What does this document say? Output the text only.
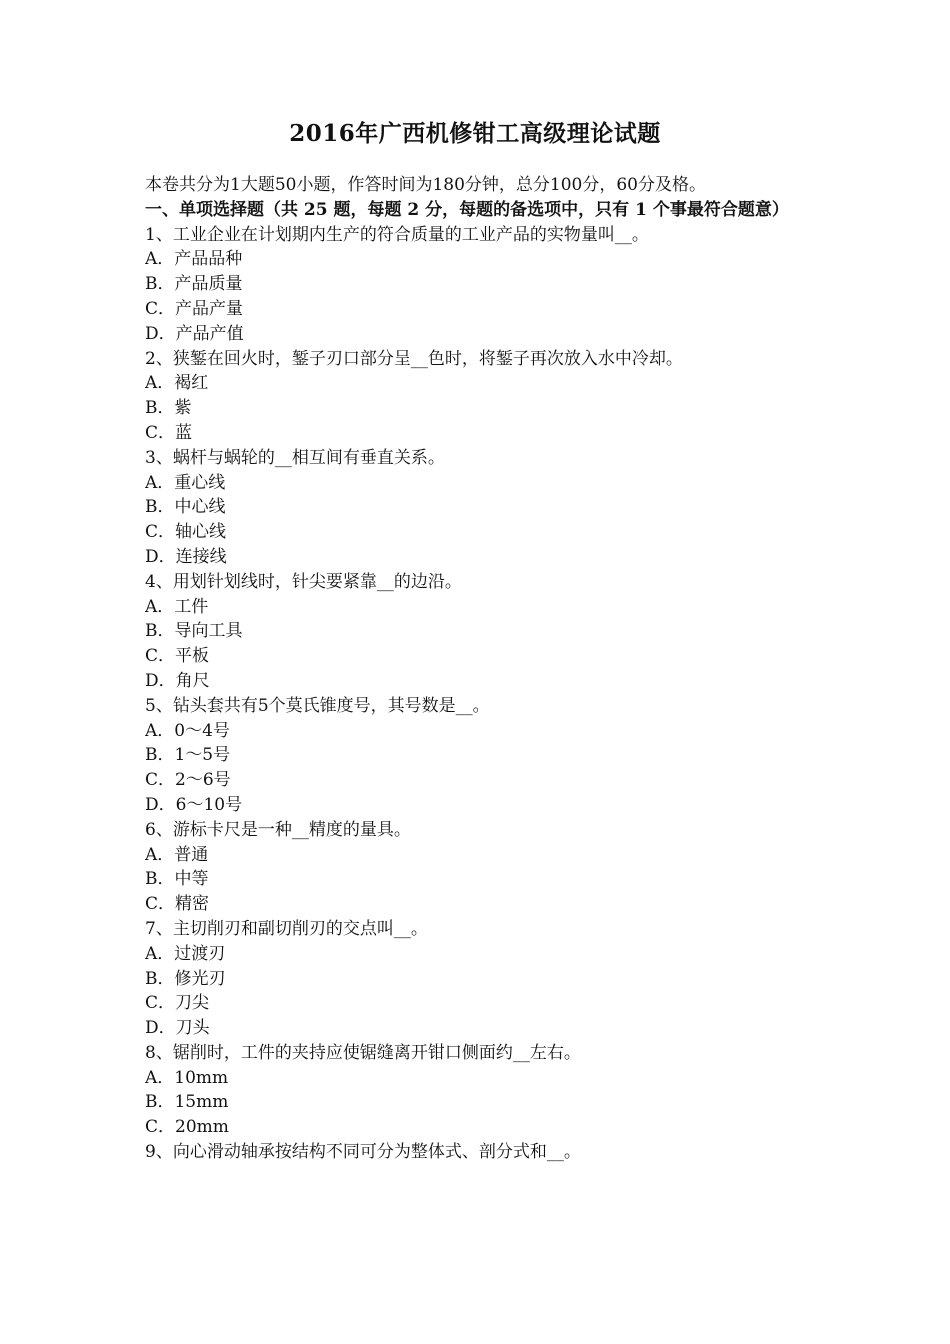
2016年广西机修钳工高级理论试题
本卷共分为1大题50小题，作答时间为180分钟，总分100分，60分及格。
一、单项选择题（共 25 题，每题 2 分，每题的备选项中，只有 1 个事最符合题意）
1、工业企业在计划期内生产的符合质量的工业产品的实物量叫__。
A．产品品种
B．产品质量
C．产品产量
D．产品产值
2、狭錾在回火时，錾子刃口部分呈__色时，将錾子再次放入水中冷却。
A．褐红
B．紫
C．蓝
3、蜗杆与蜗轮的__相互间有垂直关系。
A．重心线
B．中心线
C．轴心线
D．连接线
4、用划针划线时，针尖要紧靠__的边沿。
A．工件
B．导向工具
C．平板
D．角尺
5、钻头套共有5个莫氏锥度号，其号数是__。
A．0～4号
B．1～5号
C．2～6号
D．6～10号
6、游标卡尺是一种__精度的量具。
A．普通
B．中等
C．精密
7、主切削刃和副切削刃的交点叫__。
A．过渡刃
B．修光刃
C．刀尖
D．刀头
8、锯削时，工件的夹持应使锯缝离开钳口侧面约__左右。
A．10mm
B．15mm
C．20mm
9、向心滑动轴承按结构不同可分为整体式、剖分式和__。
